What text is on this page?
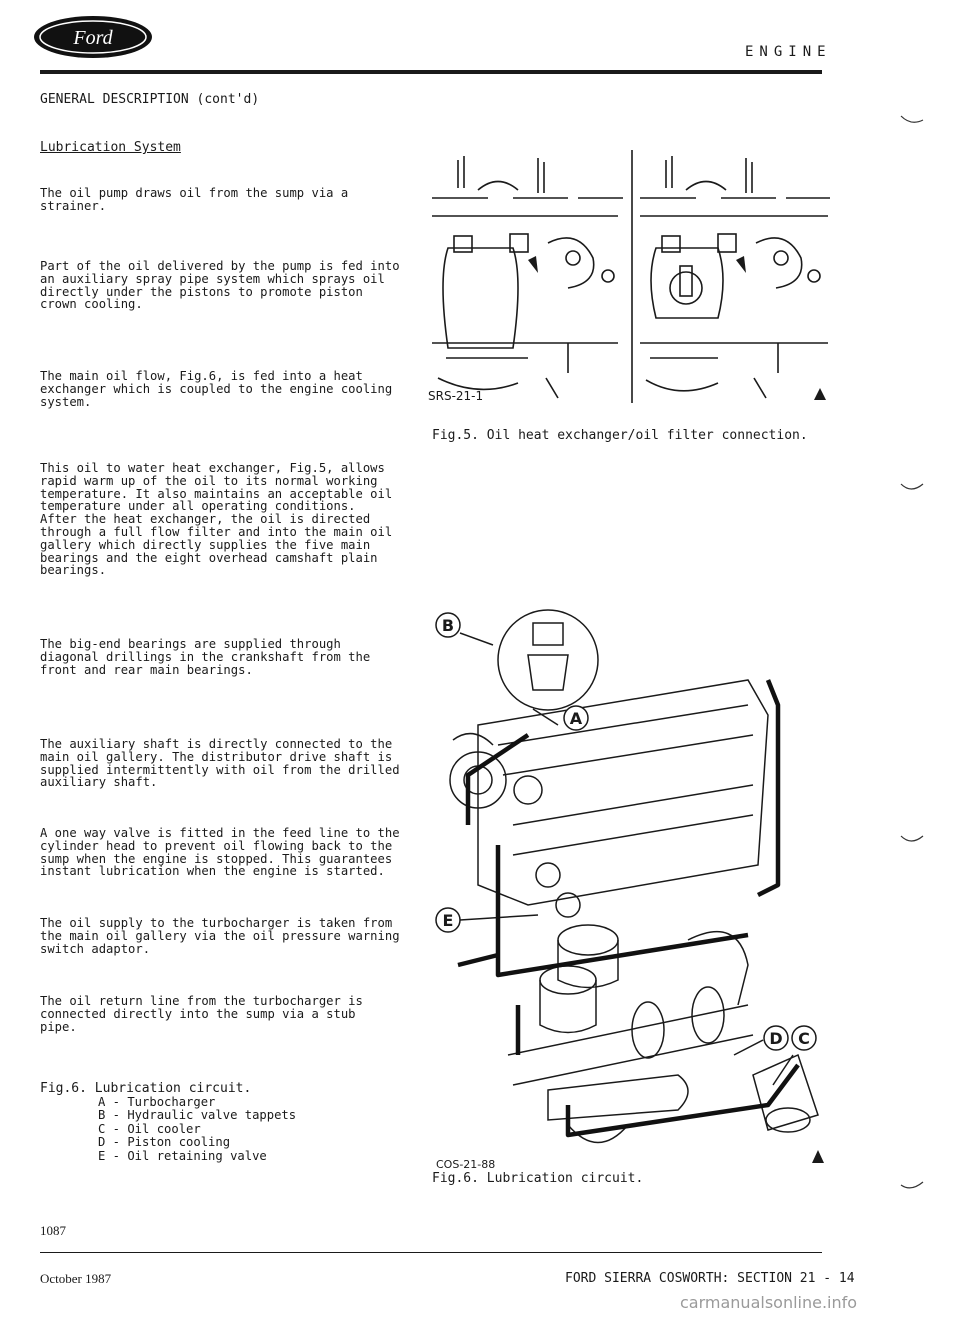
Ford
ENGINE
GENERAL DESCRIPTION (cont'd)
Lubrication System
The oil pump draws oil from the sump via a
strainer.
Part of the oil delivered by the pump is fed into
an auxiliary spray pipe system which sprays oil
directly under the pistons to promote piston
crown cooling.
The main oil flow, Fig.6, is fed into a heat
exchanger which is coupled to the engine cooling
system.
This oil to water heat exchanger, Fig.5, allows
rapid warm up of the oil to its normal working
temperature. It also maintains an acceptable oil
temperature under all operating conditions.
After the heat exchanger, the oil is directed
through a full flow filter and into the main oil
gallery which directly supplies the five main
bearings and the eight overhead camshaft plain
bearings.
The big-end bearings are supplied through
diagonal drillings in the crankshaft from the
front and rear main bearings.
The auxiliary shaft is directly connected to the
main oil gallery. The distributor drive shaft is
supplied intermittently with oil from the drilled
auxiliary shaft.
A one way valve is fitted in the feed line to the
cylinder head to prevent oil flowing back to the
sump when the engine is stopped. This guarantees
instant lubrication when the engine is started.
The oil supply to the turbocharger is taken from
the main oil gallery via the oil pressure warning
switch adaptor.
The oil return line from the turbocharger is
connected directly into the sump via a stub
pipe.
Fig.6. Lubrication circuit.
A - Turbocharger
B - Hydraulic valve tappets
C - Oil cooler
D - Piston cooling
E - Oil retaining valve
SRS-21-1
Fig.5. Oil heat exchanger/oil filter connection.
B
A
E
D C
COS-21-88
Fig.6. Lubrication circuit.
1087
October 1987	FORD SIERRA COSWORTH: SECTION 21 - 14
carmanualsonline.info
